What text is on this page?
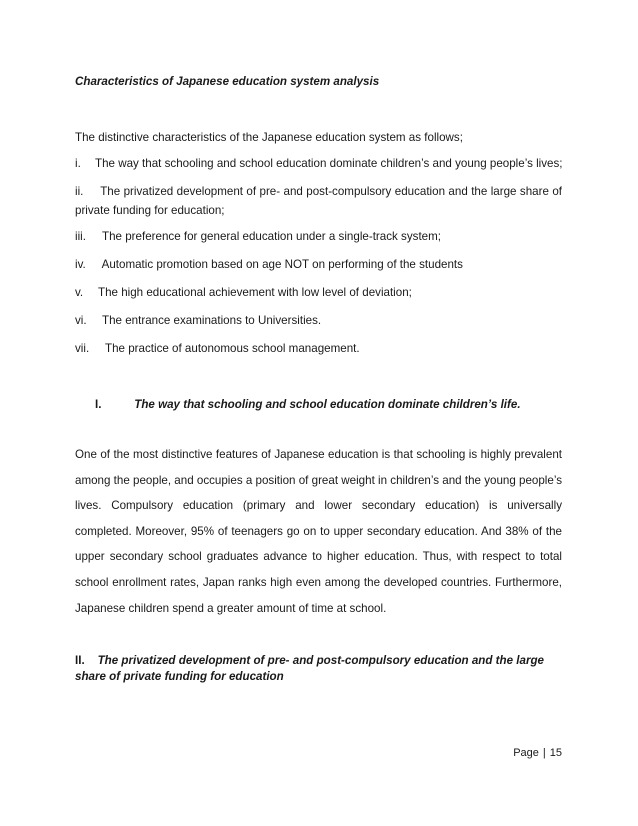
Characteristics of Japanese education system analysis

The distinctive characteristics of the Japanese education system as follows;

i. The way that schooling and school education dominate children’s and young people’s lives;

ii. The privatized development of pre- and post-compulsory education and the large share of private funding for education;

iii. The preference for general education under a single-track system;

iv. Automatic promotion based on age NOT on performing of the students

v. The high educational achievement with low level of deviation;

vi. The entrance examinations to Universities.

vii. The practice of autonomous school management.

I.	The way that schooling and school education dominate children’s life.

One of the most distinctive features of Japanese education is that schooling is highly prevalent among the people, and occupies a position of great weight in children’s and the young people’s lives. Compulsory education (primary and lower secondary education) is universally completed. Moreover, 95% of teenagers go on to upper secondary education. And 38% of the upper secondary school graduates advance to higher education. Thus, with respect to total school enrollment rates, Japan ranks high even among the developed countries. Furthermore, Japanese children spend a greater amount of time at school.

II. The privatized development of pre- and post-compulsory education and the large share of private funding for education

Page | 15
